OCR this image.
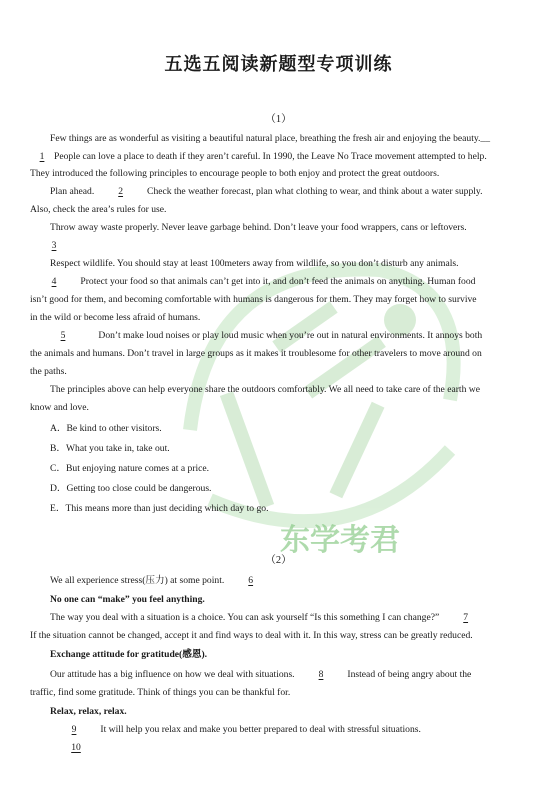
东学考君
五选五阅读新题型专项训练
（1）
Few things are as wonderful as visiting a beautiful natural place, breathing the fresh air and enjoying the beauty.__
1 People can love a place to death if they aren’t careful. In 1990, the Leave No Trace movement attempted to help.
They introduced the following principles to encourage people to both enjoy and protect the great outdoors.
Plan ahead.	2	Check the weather forecast, plan what clothing to wear, and think about a water supply.
Also, check the area’s rules for use.
Throw away waste properly. Never leave garbage behind. Don’t leave your food wrappers, cans or leftovers.
3
Respect wildlife. You should stay at least 100meters away from wildlife, so you don’t disturb any animals.
4	Protect your food so that animals can’t get into it, and don’t feed the animals on anything. Human food
isn’t good for them, and becoming comfortable with humans is dangerous for them. They may forget how to survive
in the wild or become less afraid of humans.
5	Don’t make loud noises or play loud music when you’re out in natural environments. It annoys both
the animals and humans. Don’t travel in large groups as it makes it troublesome for other travelers to move around on
the paths.
The principles above can help everyone share the outdoors comfortably. We all need to take care of the earth we
know and love.
A．Be kind to other visitors.
B．What you take in, take out.
C．But enjoying nature comes at a price.
D．Getting too close could be dangerous.
E．This means more than just deciding which day to go.
（2）
We all experience stress(压力) at some point.	6
No one can “make” you feel anything.
The way you deal with a situation is a choice. You can ask yourself “Is this something I can change?”	7
If the situation cannot be changed, accept it and find ways to deal with it. In this way, stress can be greatly reduced.
Exchange attitude for gratitude(感恩).
Our attitude has a big influence on how we deal with situations.	8	Instead of being angry about the
traffic, find some gratitude. Think of things you can be thankful for.
Relax, relax, relax.
9	It will help you relax and make you better prepared to deal with stressful situations.
10
